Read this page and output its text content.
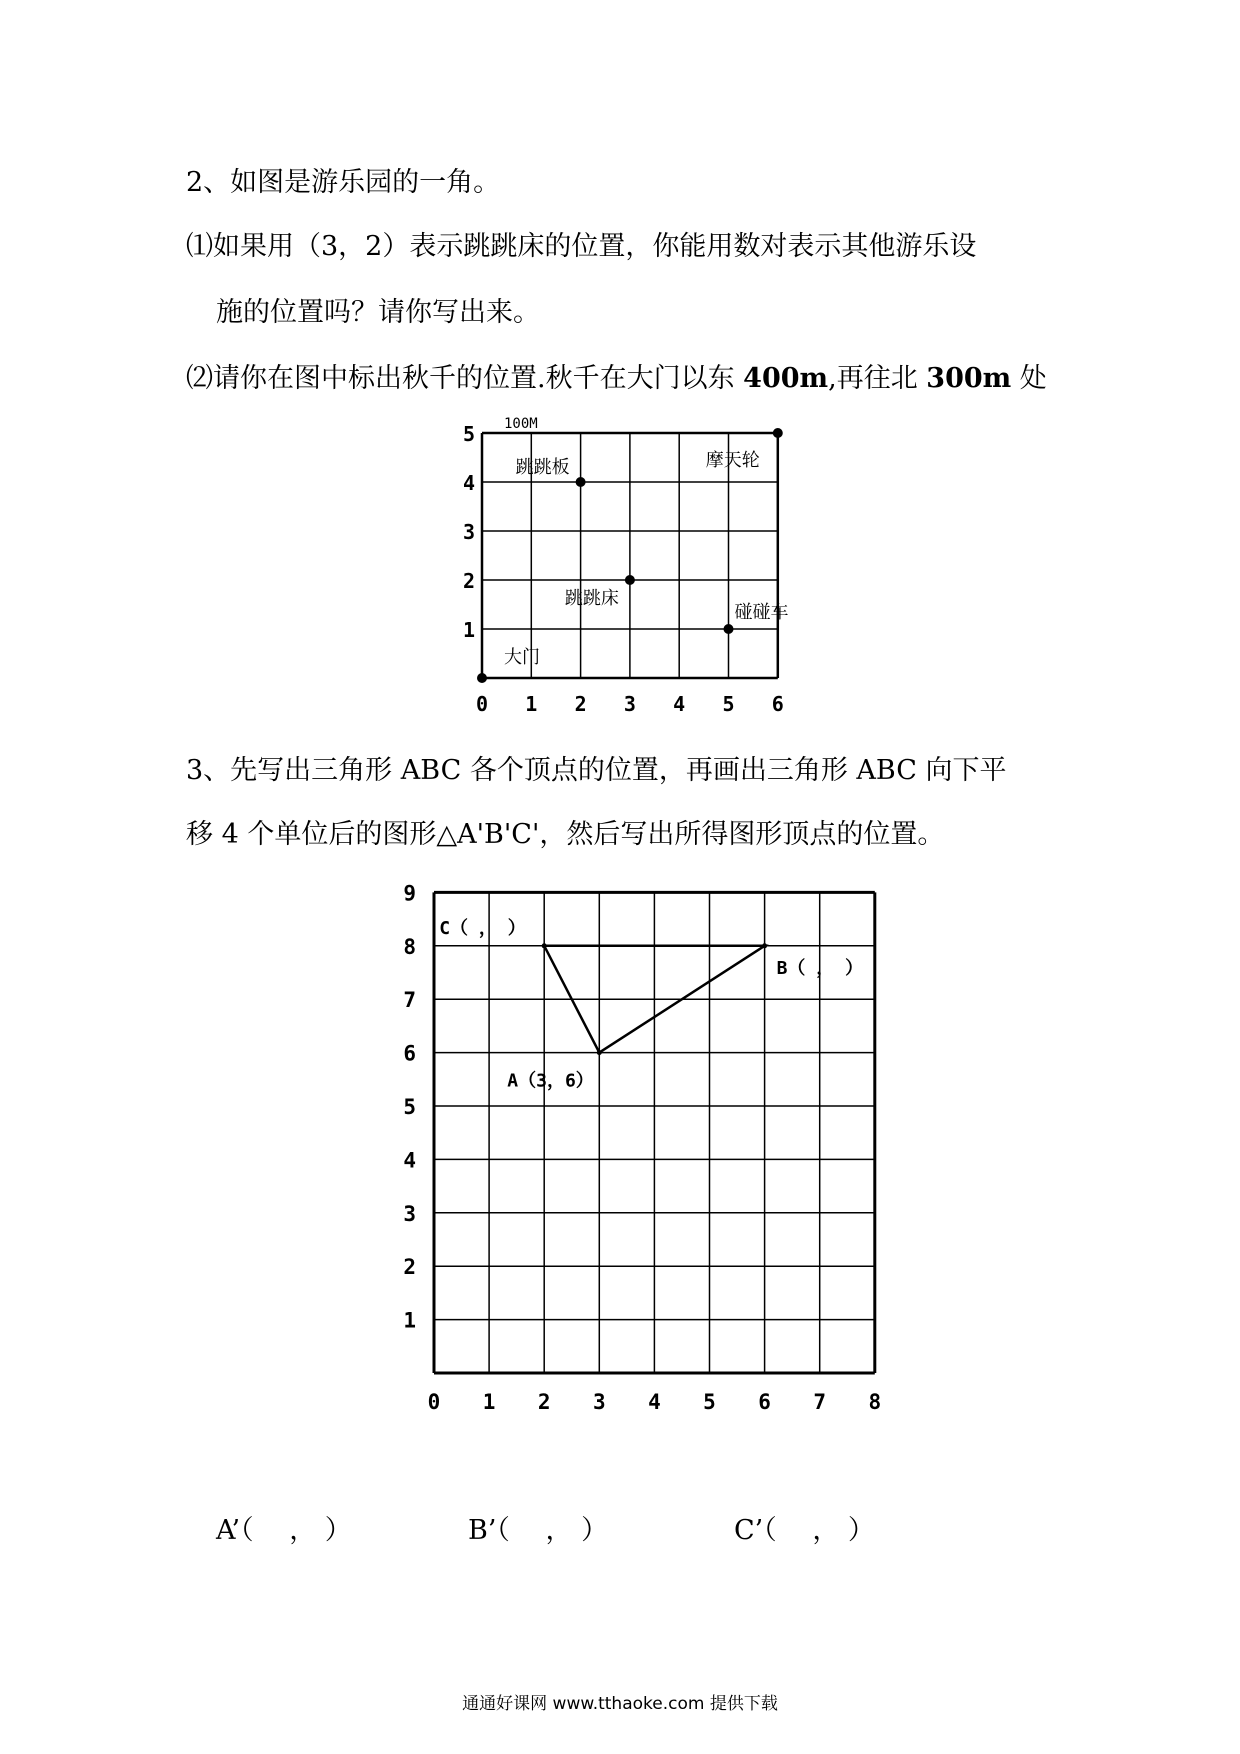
2、如图是游乐园的一角。
⑴如果用（3，2）表示跳跳床的位置，你能用数对表示其他游乐设
施的位置吗？请你写出来。
⑵请你在图中标出秋千的位置.秋千在大门以东 400m,再往北 300m 处
0 1 2 3 4 5 6
1
2
3
4
5 100M
跳跳板	摩天轮
跳跳床
碰碰车
大门
0 1 2 3 4 5 6 7 8
1
2
3
4
5
6
7
8
9
A（3，6）
B（ ， ）
C（ ， ）
3、先写出三角形 ABC 各个顶点的位置，再画出三角形 ABC 向下平
移 4 个单位后的图形△A'B'C'，然后写出所得图形顶点的位置。
A’（　 ， ）	B’（　 ， ）	C’（　 ， ）
通通好课网 www.tthaoke.com 提供下载
